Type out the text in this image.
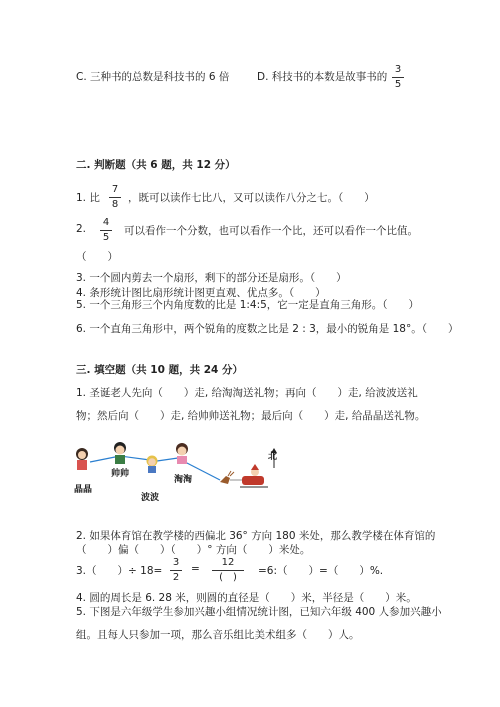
C. 三种书的总数是科技书的 6 倍	D. 科技书的本数是故事书的
3
5
二. 判断题（共 6 题，共 12 分）
1. 比
7
8
，既可以读作七比八，又可以读作八分之七。（　　）
2.
4
5
可以看作一个分数，也可以看作一个比，还可以看作一个比值。
（　　）
3. 一个圆内剪去一个扇形，剩下的部分还是扇形。（　　）
4. 条形统计图比扇形统计图更直观、优点多。（　　）
5. 一个三角形三个内角度数的比是 1:4:5，它一定是直角三角形。（　　）
6. 一个直角三角形中，两个锐角的度数之比是 2 : 3，最小的锐角是 18°。（　　）
三. 填空题（共 10 题，共 24 分）
1. 圣诞老人先向（　　）走, 给淘淘送礼物；再向（　　）走, 给波波送礼
物；然后向（　　）走, 给帅帅送礼物；最后向（　　）走, 给晶晶送礼物。
晶晶
帅帅
波波
淘淘
北
2. 如果体育馆在教学楼的西偏北 36° 方向 180 米处，那么教学楼在体育馆的
（　　）偏（　　）（　　）° 方向（　　）米处。
3.（　　）÷ 18=
3
2
=
12
(　)
=6:（　　）=（　　）%.
4. 圆的周长是 6. 28 米，则圆的直径是（　　）米，半径是（　　）米。
5. 下图是六年级学生参加兴趣小组情况统计图，已知六年级 400 人参加兴趣小
组。且每人只参加一项，那么音乐组比美术组多（　　）人。
